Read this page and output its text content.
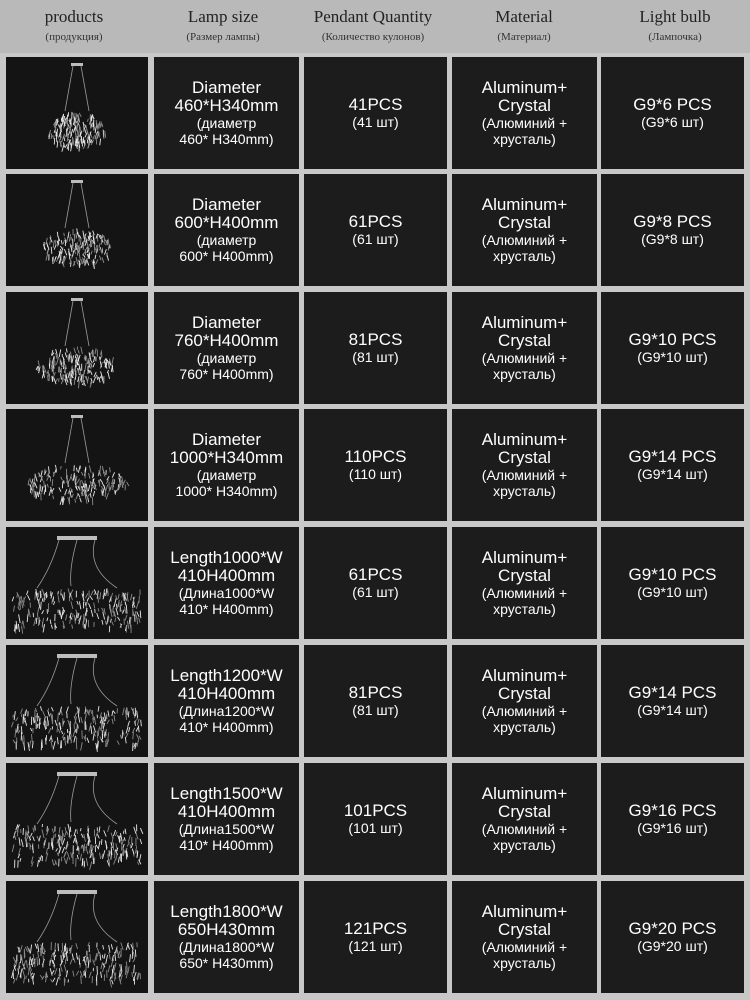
products
(продукция)
Lamp size
(Размер лампы)
Pendant Quantity
(Количество кулонов)
Material
(Материал)
Light bulb
(Лампочка)
Diameter
460*H340mm
(диаметр
460* H340mm)
41PCS
(41 шт)
Aluminum+
Crystal
(Алюминий +
хрусталь)
G9*6 PCS
(G9*6 шт)
Diameter
600*H400mm
(диаметр
600* H400mm)
61PCS
(61 шт)
Aluminum+
Crystal
(Алюминий +
хрусталь)
G9*8 PCS
(G9*8 шт)
Diameter
760*H400mm
(диаметр
760* H400mm)
81PCS
(81 шт)
Aluminum+
Crystal
(Алюминий +
хрусталь)
G9*10 PCS
(G9*10 шт)
Diameter
1000*H340mm
(диаметр
1000* H340mm)
110PCS
(110 шт)
Aluminum+
Crystal
(Алюминий +
хрусталь)
G9*14 PCS
(G9*14 шт)
Length1000*W
410H400mm
(Длина1000*W
410* H400mm)
61PCS
(61 шт)
Aluminum+
Crystal
(Алюминий +
хрусталь)
G9*10 PCS
(G9*10 шт)
Length1200*W
410H400mm
(Длина1200*W
410* H400mm)
81PCS
(81 шт)
Aluminum+
Crystal
(Алюминий +
хрусталь)
G9*14 PCS
(G9*14 шт)
Length1500*W
410H400mm
(Длина1500*W
410* H400mm)
101PCS
(101 шт)
Aluminum+
Crystal
(Алюминий +
хрусталь)
G9*16 PCS
(G9*16 шт)
Length1800*W
650H430mm
(Длина1800*W
650* H430mm)
121PCS
(121 шт)
Aluminum+
Crystal
(Алюминий +
хрусталь)
G9*20 PCS
(G9*20 шт)
